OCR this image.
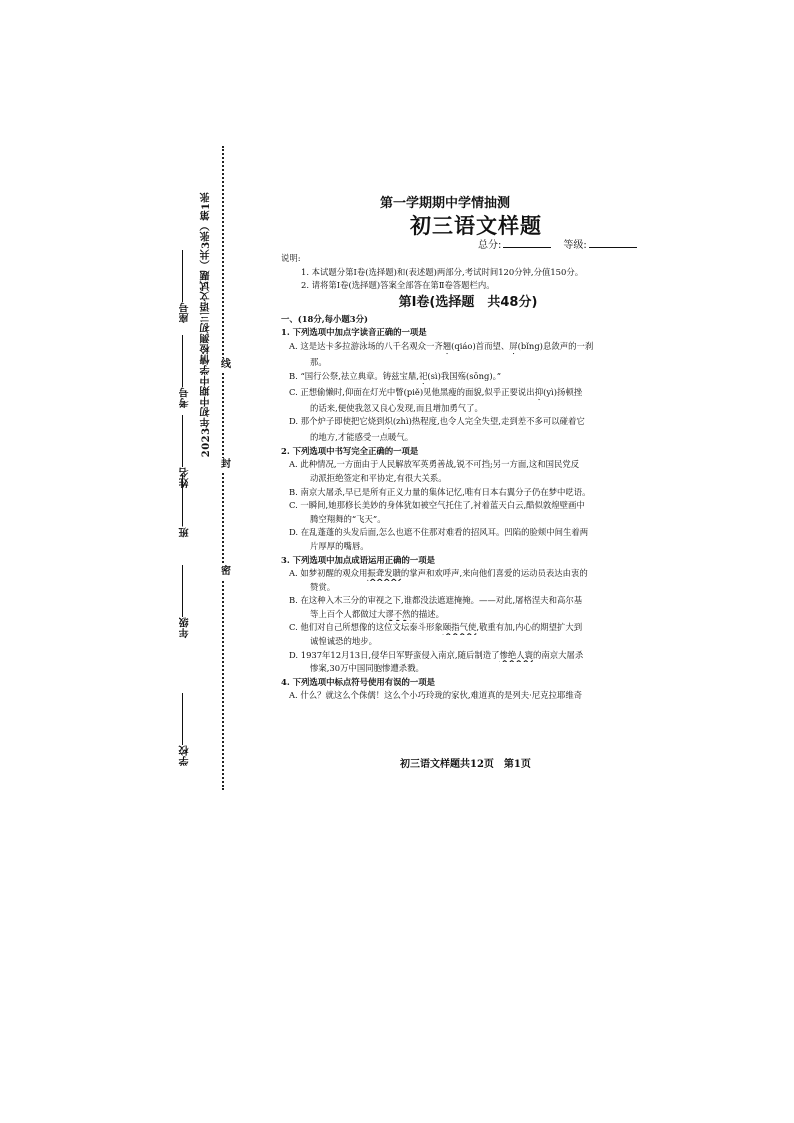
学校
年级
班
姓名
考号
座号 2023年初中期中学情检测初三语文试题（共3张）第1张
密
封
线
第一学期期中学情抽测
初三语文样题
总分:	等级:

说明:

1. 本试题分第Ⅰ卷(选择题)和(表述题)两部分,考试时间120分钟,分值150分。

2. 请将第Ⅰ卷(选择题)答案全部答在第Ⅱ卷答题栏内。

第Ⅰ卷(选择题　共48分)

一、(18分,每小题3分)

1. 下列选项中加点字读音正确的一项是

A. 这是达卡多拉游泳场的八千名观众一齐翘(qiáo)首而望、屏(bǐng)息敛声的一刹

那。

B. “国行公祭,祛立典章。铸兹宝鼎,祀(sì)我国殇(sōng)。”

C. 正想偷懒时,仰面在灯光中瞥(piě)见他黑瘦的面貌,似乎正要说出抑(yì)扬顿挫

的话来,便使我忽又良心发现,而且增加勇气了。

D. 那个炉子即使把它烧到炽(zhì)热程度,也令人完全失望,走到差不多可以碰着它

的地方,才能感受一点暖气。

2. 下列选项中书写完全正确的一项是

A. 此种情况,一方面由于人民解放军英勇善战,锐不可挡;另一方面,这和国民党反

动派拒绝签定和平协定,有很大关系。

B. 南京大屠杀,早已是所有正义力量的集体记忆,唯有日本右翼分子仍在梦中呓语。

C. 一瞬间,她那修长美妙的身体犹如被空气托住了,衬着蓝天白云,酷似敦煌壁画中

腾空翔舞的“飞天”。

D. 在乱蓬蓬的头发后面,怎么也遮不住那对难看的招风耳。凹陷的脸颊中间生着两

片厚厚的嘴唇。

3. 下列选项中加点成语运用正确的一项是

A. 如梦初醒的观众用振聋发聩的掌声和欢呼声,来向他们喜爱的运动员表达由衷的

赞赏。

B. 在这种入木三分的审视之下,谁都没法遮遮掩掩。——对此,屠格涅夫和高尔基

等上百个人都做过大谬不然的描述。

C. 他们对自己所想像的这位文坛泰斗形象颐指气使,敬重有加,内心的期望扩大到

诚惶诚恐的地步。

D. 1937年12月13日,侵华日军野蛮侵入南京,随后制造了惨绝人寰的南京大屠杀

惨案,30万中国同胞惨遭杀戮。

4. 下列选项中标点符号使用有误的一项是

A. 什么？就这么个侏儒！这么个小巧玲珑的家伙,难道真的是列夫·尼克拉耶维奇

初三语文样题共12页　第1页
